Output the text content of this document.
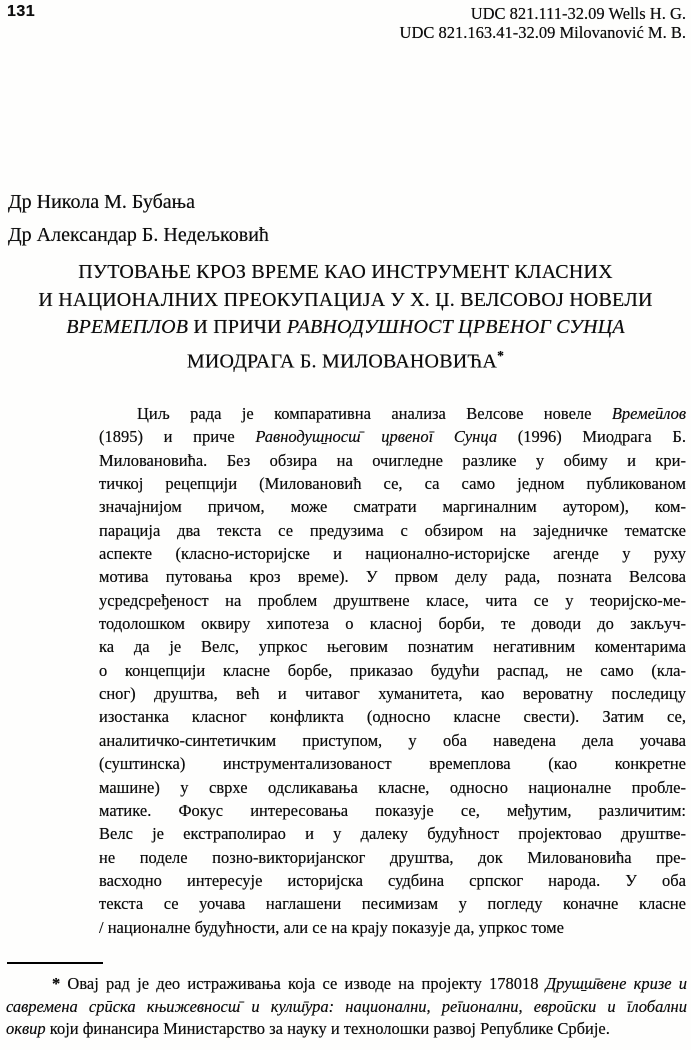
131	UDC 821.111-32.09 Wells H. G.
UDC 821.163.41-32.09 Milovanović M. B.
Др Никола М. Бубања
Др Александар Б. Недељковић
ПУТОВАЊЕ КРОЗ ВРЕМЕ КАО ИНСТРУМЕНТ КЛАСНИХ
И НАЦИОНАЛНИХ ПРЕОКУПАЦИЈА У Х. Џ. ВЕЛСОВОЈ НОВЕЛИ
ВРЕМЕПЛОВ И ПРИЧИ РАВНОДУШНОСТ ЦРВЕНОГ СУНЦА
МИОДРАГА Б. МИЛОВАНОВИЋА*
Циљ рада је компаративна анализа Велсове новеле Времеūлов
(1895) и приче Равнодуш̱носш̄ црвеноī Сунца (1996) Миодрага Б.
Миловановића. Без обзира на очигледне разлике у обиму и кри-
тичкој рецепцији (Миловановић се, са само једном публикованом
значајнијом причом, може сматрати маргиналним аутором), ком-
парација два текста се предузима с обзиром на заједничке тематске
аспекте (класно-историјске и национално-историјске агенде у руху
мотива путовања кроз време). У првом делу рада, позната Велсова
усредсређеност на проблем друштвене класе, чита се у теоријско-ме-
тодолошком оквиру хипотеза о класној борби, те доводи до закључ-
ка да је Велс, упркос његовим познатим негативним коментарима
о концепцији класне борбе, приказао будући распад, не само (кла-
сног) друштва, већ и читавог хуманитета, као вероватну последицу
изостанка класног конфликта (односно класне свести). Затим се,
аналитичко-синтетичким приступом, у оба наведена дела уочава
(суштинска) инструментализованост времеплова (као конкретне
машине) у сврхе одсликавања класне, односно националне пробле-
матике. Фокус интересовања показује се, међутим, различитим:
Велс је екстраполирао и у далеку будућност пројектовао друштве-
не поделе позно-викторијанског друштва, док Миловановића пре-
васходно интересује историјска судбина српског народа. У оба
текста се уочава наглашени песимизам у погледу коначне класне
/ националне будућности, али се на крају показује да, упркос томе
* Овај рад је део истраживања која се изводе на пројекту 178018 Друш̱ш̄вене кризе и
савремена срūска књижевносш̄ и кулш̄ура: национални, реīионални, евроūски и īлобални
оквир који финансира Министарство за науку и технолошки развој Републике Србије.
